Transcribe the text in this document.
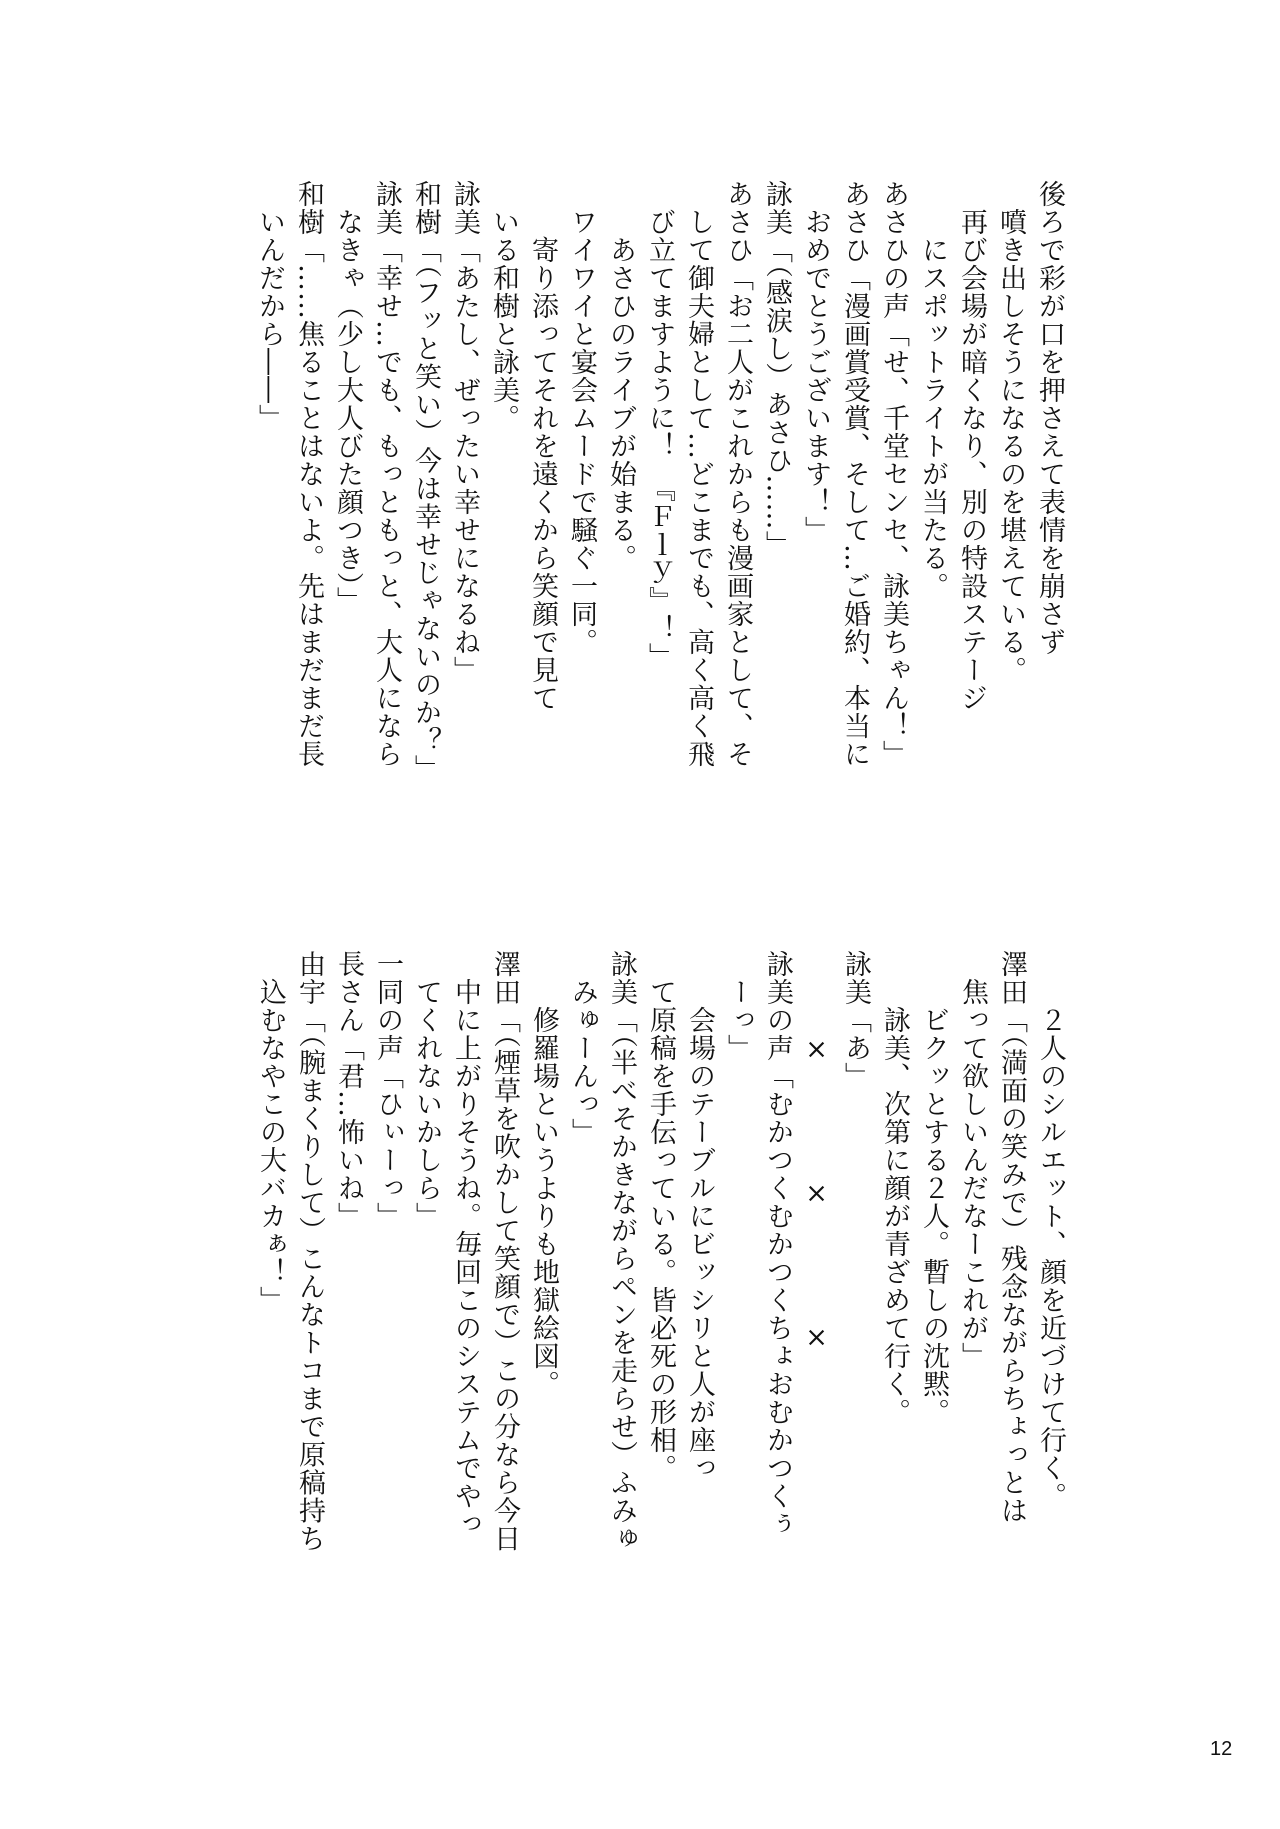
後ろで彩が口を押さえて表情を崩さず
噴き出しそうになるのを堪えている。
再び会場が暗くなり、別の特設ステージ
にスポットライトが当たる。
あさひの声「せ、千堂センセ、詠美ちゃん！」
あさひ「漫画賞受賞、そして…ご婚約、本当に
おめでとうございます！」
詠美「（感涙し）あさひ……」
あさひ「お二人がこれからも漫画家として、そ
して御夫婦として…どこまでも、高く高く飛
び立てますように！　『Ｆｌｙ』！」
あさひのライブが始まる。
ワイワイと宴会ムードで騒ぐ一同。
寄り添ってそれを遠くから笑顔で見て
いる和樹と詠美。
詠美「あたし、ぜったい幸せになるね」
和樹「（フッと笑い）今は幸せじゃないのか？」
詠美「幸せ…でも、もっともっと、大人になら
なきゃ（少し大人びた顔つき）」
和樹「……焦ることはないよ。先はまだまだ長
いんだから――」
２人のシルエット、顔を近づけて行く。
澤田「（満面の笑みで）残念ながらちょっとは
焦って欲しいんだなーこれが」
ビクッとする２人。暫しの沈黙。
詠美、次第に顔が青ざめて行く。
詠美「あ」
×　　　　×　　　　×
詠美の声「むかつくむかつくちょおむかつくぅ
ーっ」
会場のテーブルにビッシリと人が座っ
て原稿を手伝っている。皆必死の形相。
詠美「（半べそかきながらペンを走らせ）ふみゅ
みゅーんっ」
修羅場というよりも地獄絵図。
澤田「（煙草を吹かして笑顔で）この分なら今日
中に上がりそうね。毎回このシステムでやっ
てくれないかしら」
一同の声「ひぃーっ」
長さん「君…怖いね」
由宇「（腕まくりして）こんなトコまで原稿持ち
込むなやこの大バカぁ！」
12
